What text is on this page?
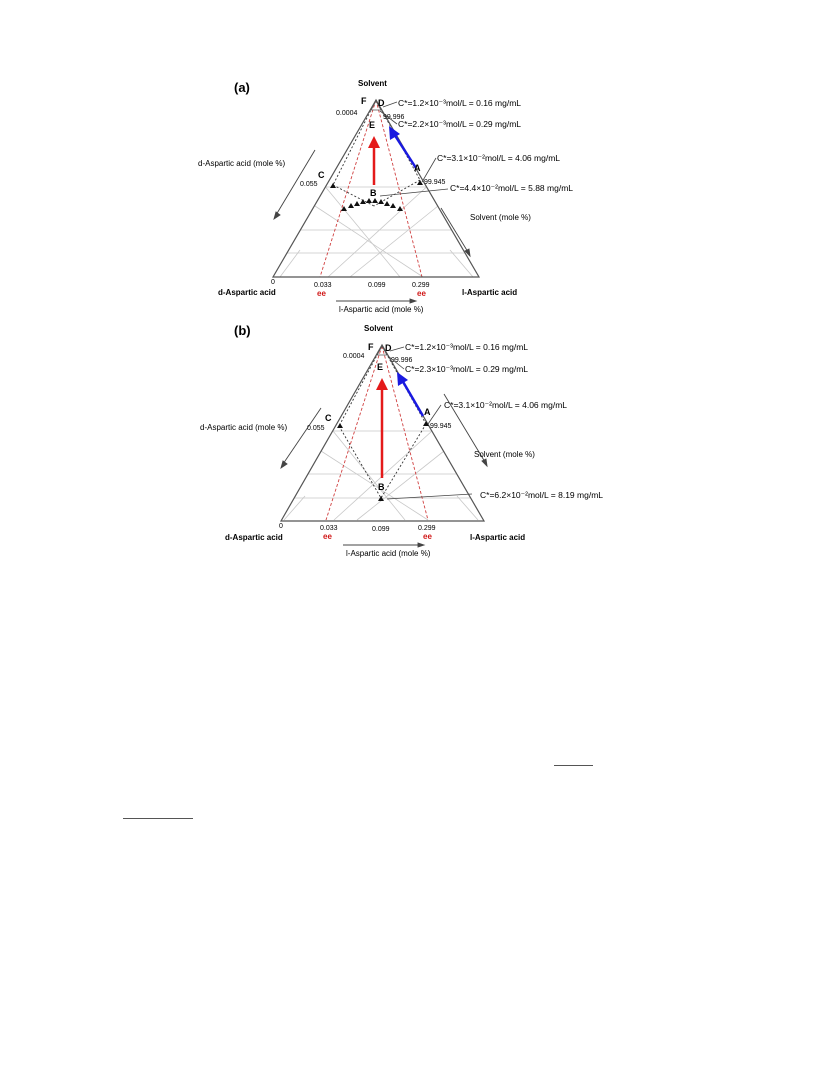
(a)	Solvent
F D
E
A
C
B
0.0004
99.996
0.055	99.945
0	0.033	0.099	0.299
ee	ee
C*=1.2×10⁻³mol/L = 0.16 mg/mL
C*=2.2×10⁻³mol/L = 0.29 mg/mL
C*=3.1×10⁻²mol/L = 4.06 mg/mL
C*=4.4×10⁻²mol/L = 5.88 mg/mL
d-Aspartic acid (mole %)
Solvent (mole %)
d-Aspartic acid	l-Aspartic acid
l-Aspartic acid (mole %)
(b)	Solvent
F D
E
A
C
B
0.0004
99.996
0.055	99.945
0	0.033	0.099	0.299
ee	ee
C*=1.2×10⁻³mol/L = 0.16 mg/mL
C*=2.3×10⁻³mol/L = 0.29 mg/mL
C*=3.1×10⁻²mol/L = 4.06 mg/mL
C*=6.2×10⁻²mol/L = 8.19 mg/mL
d-Aspartic acid (mole %)
Solvent (mole %)
d-Aspartic acid	l-Aspartic acid
l-Aspartic acid (mole %)
